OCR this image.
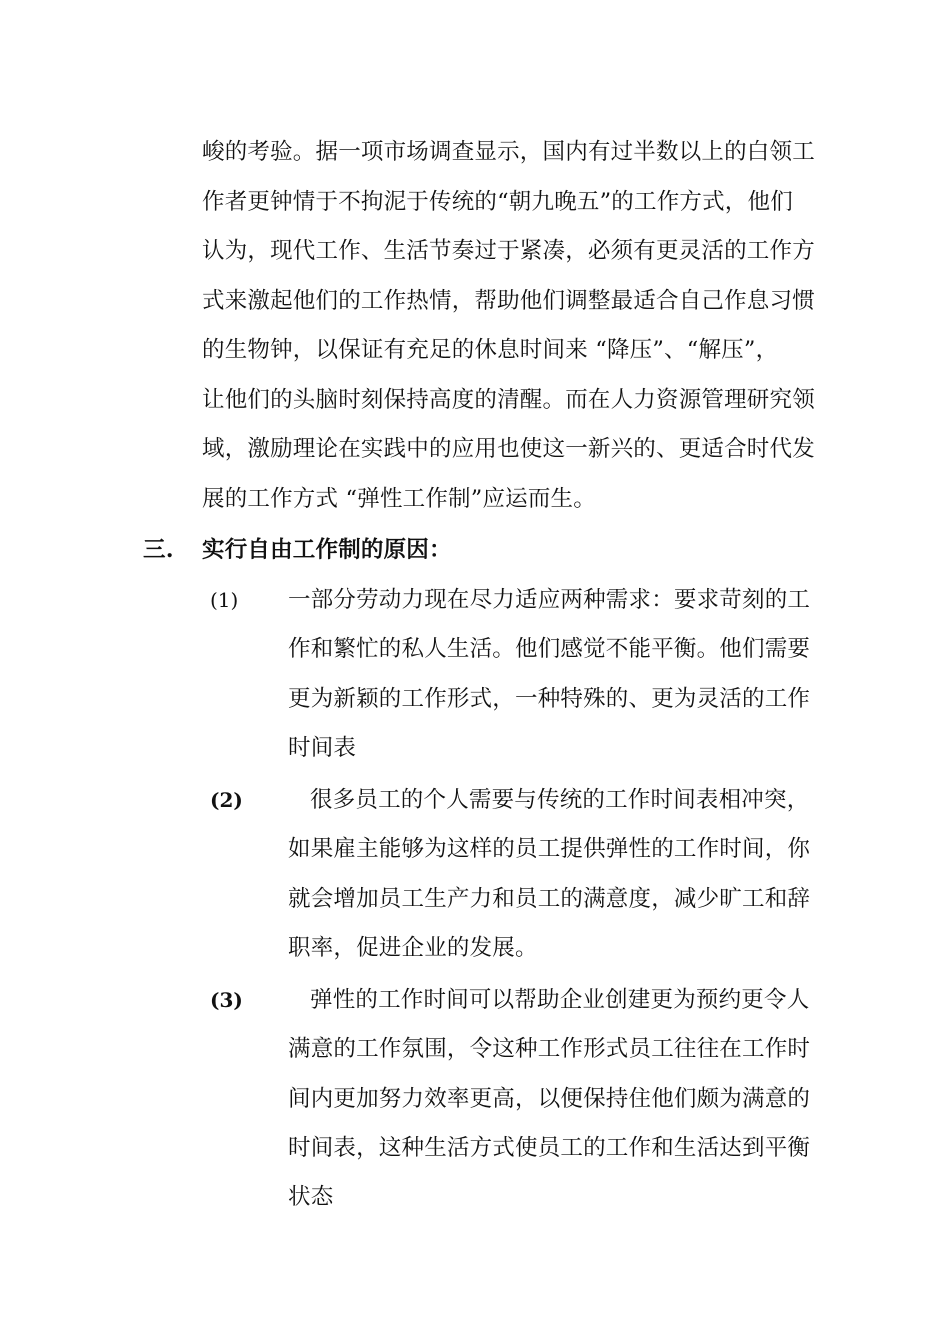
峻的考验。据一项市场调查显示，国内有过半数以上的白领工
作者更钟情于不拘泥于传统的“朝九晚五”的工作方式，他们
认为，现代工作、生活节奏过于紧凑，必须有更灵活的工作方
式来激起他们的工作热情，帮助他们调整最适合自己作息习惯
的生物钟，以保证有充足的休息时间来 “降压”、“解压”，
让他们的头脑时刻保持高度的清醒。而在人力资源管理研究领
域，激励理论在实践中的应用也使这一新兴的、更适合时代发
展的工作方式 “弹性工作制”应运而生。
三. 实行自由工作制的原因：
(1) 一部分劳动力现在尽力适应两种需求：要求苛刻的工
作和繁忙的私人生活。他们感觉不能平衡。他们需要
更为新颖的工作形式，一种特殊的、更为灵活的工作
时间表
(2)	很多员工的个人需要与传统的工作时间表相冲突，
如果雇主能够为这样的员工提供弹性的工作时间，你
就会增加员工生产力和员工的满意度，减少旷工和辞
职率，促进企业的发展。
(3)	弹性的工作时间可以帮助企业创建更为预约更令人
满意的工作氛围，令这种工作形式员工往往在工作时
间内更加努力效率更高，以便保持住他们颇为满意的
时间表，这种生活方式使员工的工作和生活达到平衡
状态
